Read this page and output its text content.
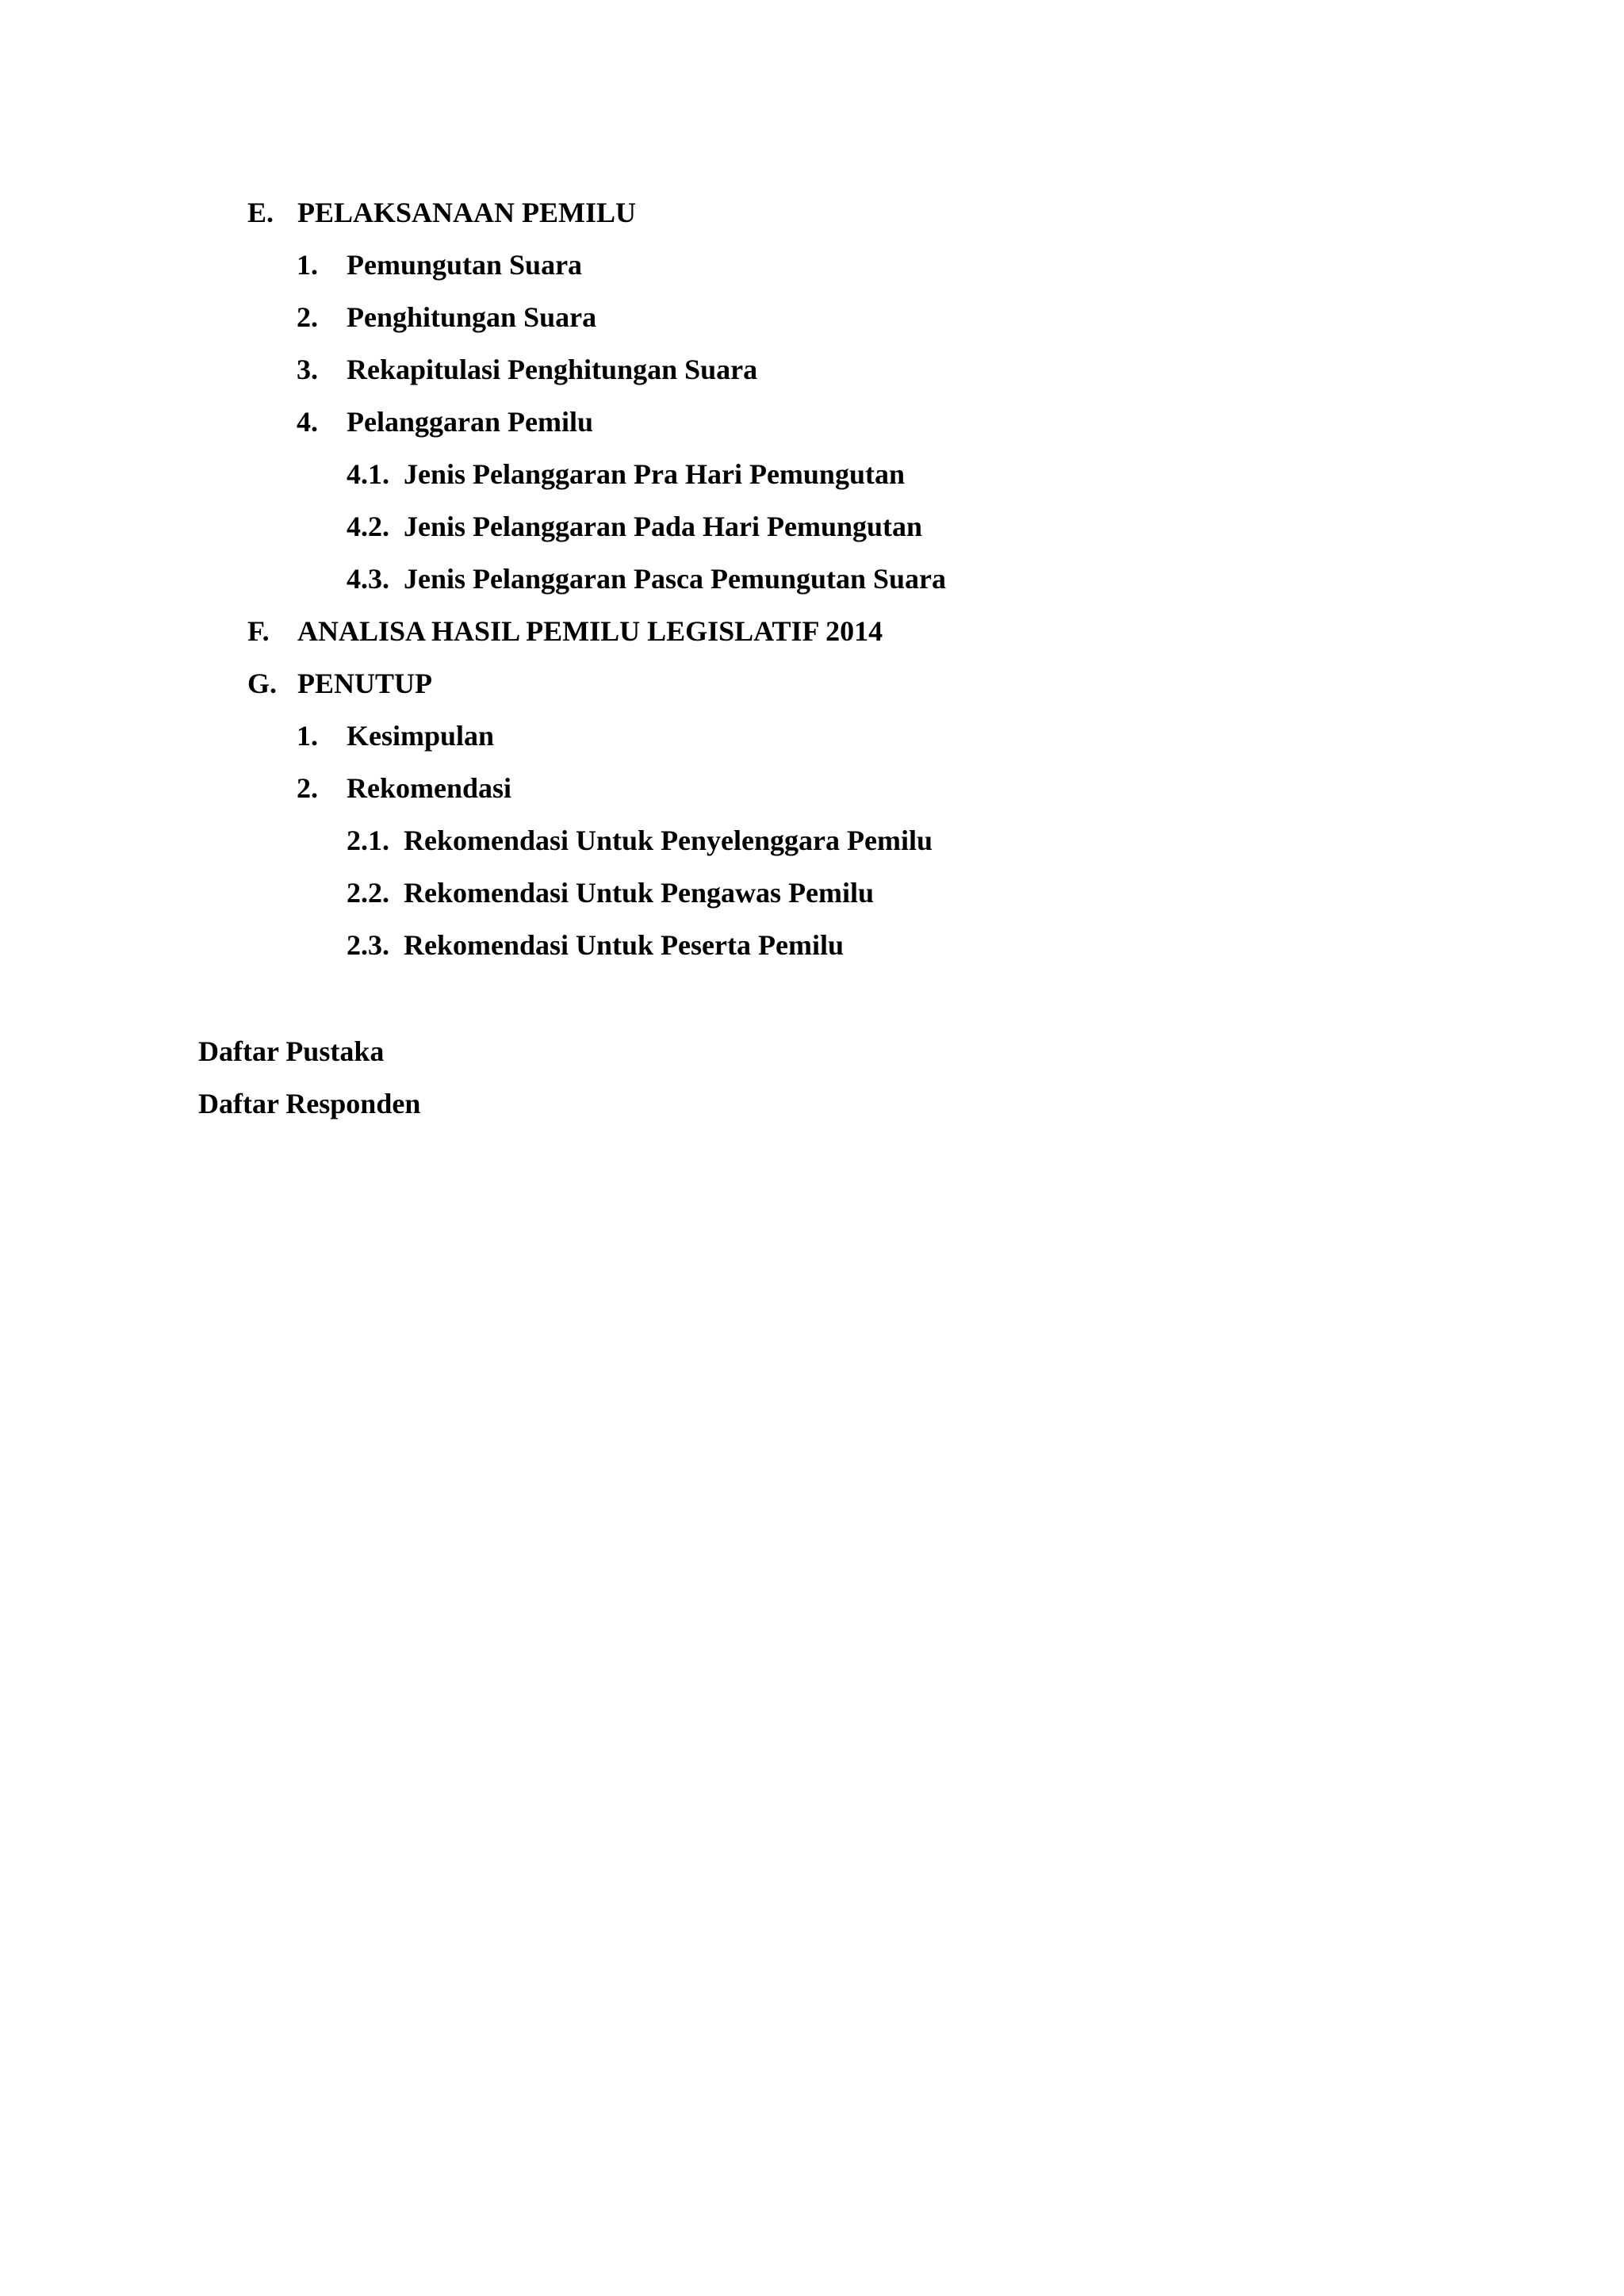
E. PELAKSANAAN PEMILU
1. Pemungutan Suara
2. Penghitungan Suara
3. Rekapitulasi Penghitungan Suara
4. Pelanggaran Pemilu
4.1. Jenis Pelanggaran Pra Hari Pemungutan
4.2. Jenis Pelanggaran Pada Hari Pemungutan
4.3. Jenis Pelanggaran Pasca Pemungutan Suara
F. ANALISA HASIL PEMILU LEGISLATIF 2014
G. PENUTUP
1. Kesimpulan
2. Rekomendasi
2.1. Rekomendasi Untuk Penyelenggara Pemilu
2.2. Rekomendasi Untuk Pengawas Pemilu
2.3. Rekomendasi Untuk Peserta Pemilu
Daftar Pustaka
Daftar Responden
